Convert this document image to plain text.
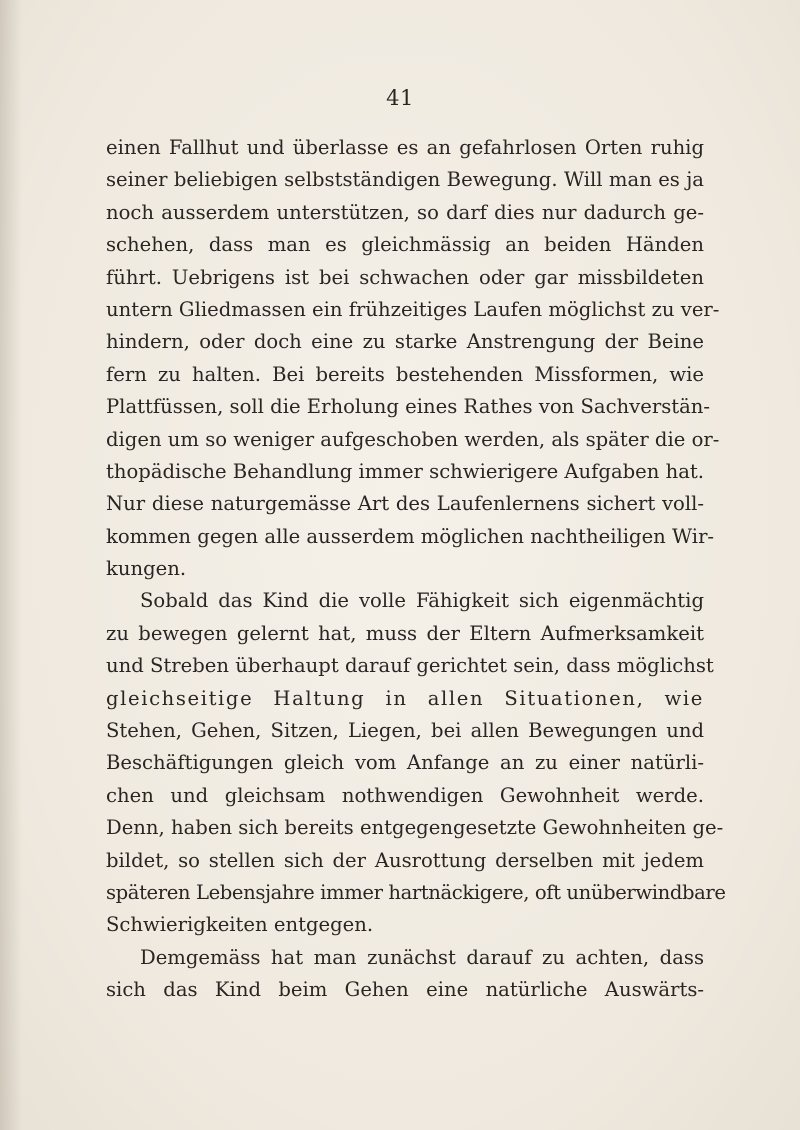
41
einen Fallhut und überlasse es an gefahrlosen Orten ruhig
seiner beliebigen selbstständigen Bewegung. Will man es ja
noch ausserdem unterstützen, so darf dies nur dadurch ge-
schehen, dass man es gleichmässig an beiden Händen
führt. Uebrigens ist bei schwachen oder gar missbildeten
untern Gliedmassen ein frühzeitiges Laufen möglichst zu ver-
hindern, oder doch eine zu starke Anstrengung der Beine
fern zu halten. Bei bereits bestehenden Missformen, wie
Plattfüssen, soll die Erholung eines Rathes von Sachverstän-
digen um so weniger aufgeschoben werden, als später die or-
thopädische Behandlung immer schwierigere Aufgaben hat.
Nur diese naturgemässe Art des Laufenlernens sichert voll-
kommen gegen alle ausserdem möglichen nachtheiligen Wir-
kungen.
Sobald das Kind die volle Fähigkeit sich eigenmächtig
zu bewegen gelernt hat, muss der Eltern Aufmerksamkeit
und Streben überhaupt darauf gerichtet sein, dass möglichst
gleichseitige Haltung in allen Situationen, wie
Stehen, Gehen, Sitzen, Liegen, bei allen Bewegungen und
Beschäftigungen gleich vom Anfange an zu einer natürli-
chen und gleichsam nothwendigen Gewohnheit werde.
Denn, haben sich bereits entgegengesetzte Gewohnheiten ge-
bildet, so stellen sich der Ausrottung derselben mit jedem
späteren Lebensjahre immer hartnäckigere, oft unüberwindbare
Schwierigkeiten entgegen.
Demgemäss hat man zunächst darauf zu achten, dass
sich das Kind beim Gehen eine natürliche Auswärts-
